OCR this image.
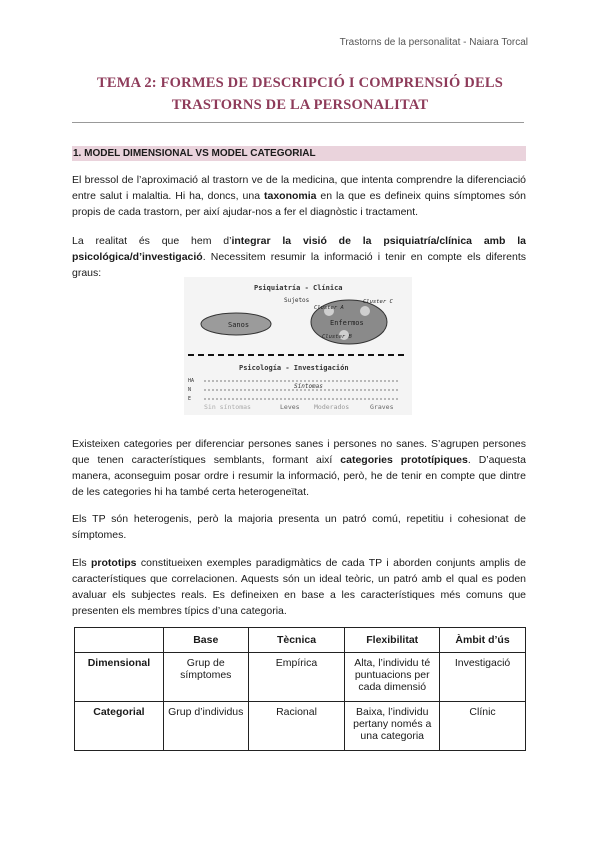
Trastorns de la personalitat - Naiara Torcal
TEMA 2: FORMES DE DESCRIPCIÓ I COMPRENSIÓ DELS
TRASTORNS DE LA PERSONALITAT
1. MODEL DIMENSIONAL VS MODEL CATEGORIAL
El bressol de l’aproximació al trastorn ve de la medicina, que intenta comprendre la diferenciació entre salut i malaltia. Hi ha, doncs, una taxonomia en la que es defineix quins símptomes són propis de cada trastorn, per així ajudar-nos a fer el diagnòstic i tractament.
La realitat és que hem d’integrar la visió de la psiquiatría/clínica amb la psicológica/d’investigació. Necessitem resumir la informació i tenir en compte els diferents graus:
Psiquiatría - Clínica
Sujetos
Sanos
Cluster A
Cluster C
Cluster B
Enfermos
Psicología - Investigación
HA
N
E
Síntomas
Sin síntomas	Leves Moderados	Graves
Existeixen categories per diferenciar persones sanes i persones no sanes. S’agrupen persones que tenen característiques semblants, formant així categories prototípiques. D’aquesta manera, aconseguim posar ordre i resumir la informació, però, he de tenir en compte que dintre de les categories hi ha també certa heterogeneïtat.
Els TP són heterogenis, però la majoria presenta un patró comú, repetitiu i cohesionat de símptomes.
Els prototips constitueixen exemples paradigmàtics de cada TP i aborden conjunts amplis de característiques que correlacionen. Aquests són un ideal teòric, un patró amb el qual es poden avaluar els subjectes reals. Es defineixen en base a les característiques més comuns que presenten els membres típics d’una categoria.
	Base	Tècnica	Flexibilitat	Àmbit d’ús
Dimensional	Grup de símptomes	Empírica	Alta, l’individu té puntuacions per cada dimensió	Investigació
Categorial	Grup d’individus	Racional	Baixa, l’individu pertany només a una categoria	Clínic
